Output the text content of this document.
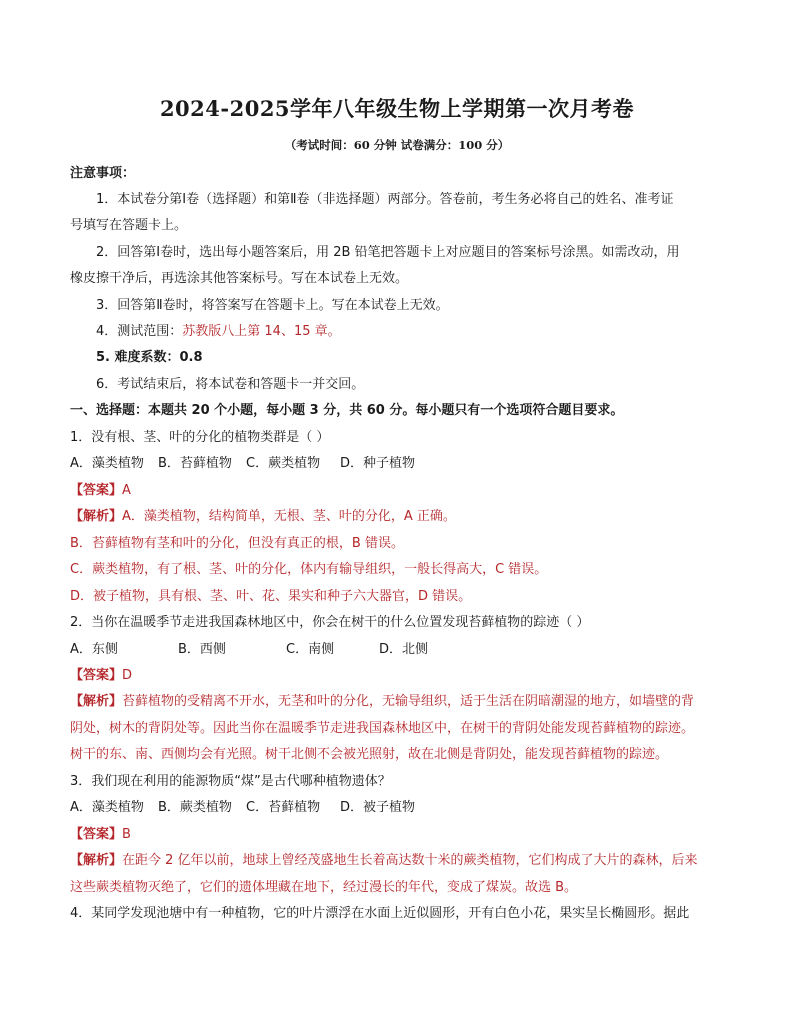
2024-2025学年八年级生物上学期第一次月考卷
（考试时间：60 分钟 试卷满分：100 分）
注意事项：
1．本试卷分第Ⅰ卷（选择题）和第Ⅱ卷（非选择题）两部分。答卷前，考生务必将自己的姓名、准考证
号填写在答题卡上。
2．回答第Ⅰ卷时，选出每小题答案后，用 2B 铅笔把答题卡上对应题目的答案标号涂黑。如需改动，用
橡皮擦干净后，再选涂其他答案标号。写在本试卷上无效。
3．回答第Ⅱ卷时，将答案写在答题卡上。写在本试卷上无效。
4．测试范围：苏教版八上第 14、15 章。
5. 难度系数：0.8
6．考试结束后，将本试卷和答题卡一并交回。
一、选择题：本题共 20 个小题，每小题 3 分，共 60 分。每小题只有一个选项符合题目要求。
1．没有根、茎、叶的分化的植物类群是（ ）
A．藻类植物 B．苔藓植物 C．蕨类植物 D．种子植物
【答案】A
【解析】A．藻类植物，结构简单，无根、茎、叶的分化，A 正确。
B．苔藓植物有茎和叶的分化，但没有真正的根，B 错误。
C．蕨类植物，有了根、茎、叶的分化，体内有输导组织，一般长得高大，C 错误。
D．被子植物，具有根、茎、叶、花、果实和种子六大器官，D 错误。
2．当你在温暖季节走进我国森林地区中，你会在树干的什么位置发现苔藓植物的踪迹（ ）
A．东侧	B．西侧	C．南侧	D．北侧
【答案】D
【解析】苔藓植物的受精离不开水，无茎和叶的分化，无输导组织，适于生活在阴暗潮湿的地方，如墙壁的背
阴处，树木的背阴处等。因此当你在温暖季节走进我国森林地区中，在树干的背阴处能发现苔藓植物的踪迹。
树干的东、南、西侧均会有光照。树干北侧不会被光照射，故在北侧是背阴处，能发现苔藓植物的踪迹。
3．我们现在利用的能源物质“煤”是古代哪种植物遗体？
A．藻类植物 B．蕨类植物 C．苔藓植物 D．被子植物
【答案】B
【解析】在距今 2 亿年以前，地球上曾经茂盛地生长着高达数十米的蕨类植物，它们构成了大片的森林，后来
这些蕨类植物灭绝了，它们的遗体埋藏在地下，经过漫长的年代，变成了煤炭。故选 B。
4．某同学发现池塘中有一种植物，它的叶片漂浮在水面上近似圆形，开有白色小花，果实呈长椭圆形。据此
